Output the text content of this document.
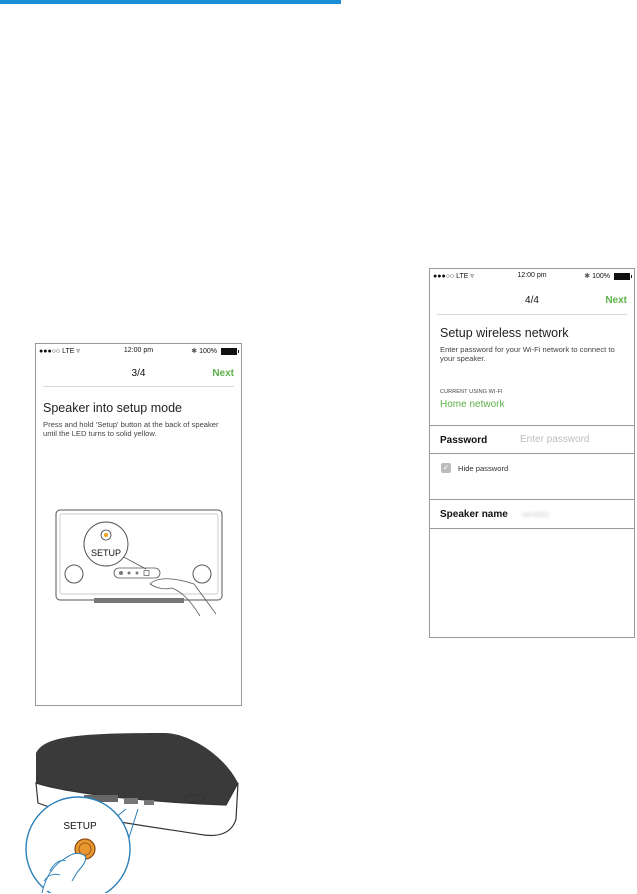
●●●○○ LTE ▿	12:00 pm	✱ 100%
3/4	Next
Speaker into setup mode
Press and hold 'Setup' button at the back of speaker until the LED turns to solid yellow.
SETUP
●●●○○ LTE ▿	12:00 pm	✱ 100%
4/4	Next
Setup wireless network
Enter password for your Wi-Fi network to connect to your speaker.
CURRENT USING WI-FI
Home network
Password
✓ Hide password
Speaker name AW3000
SETUP
